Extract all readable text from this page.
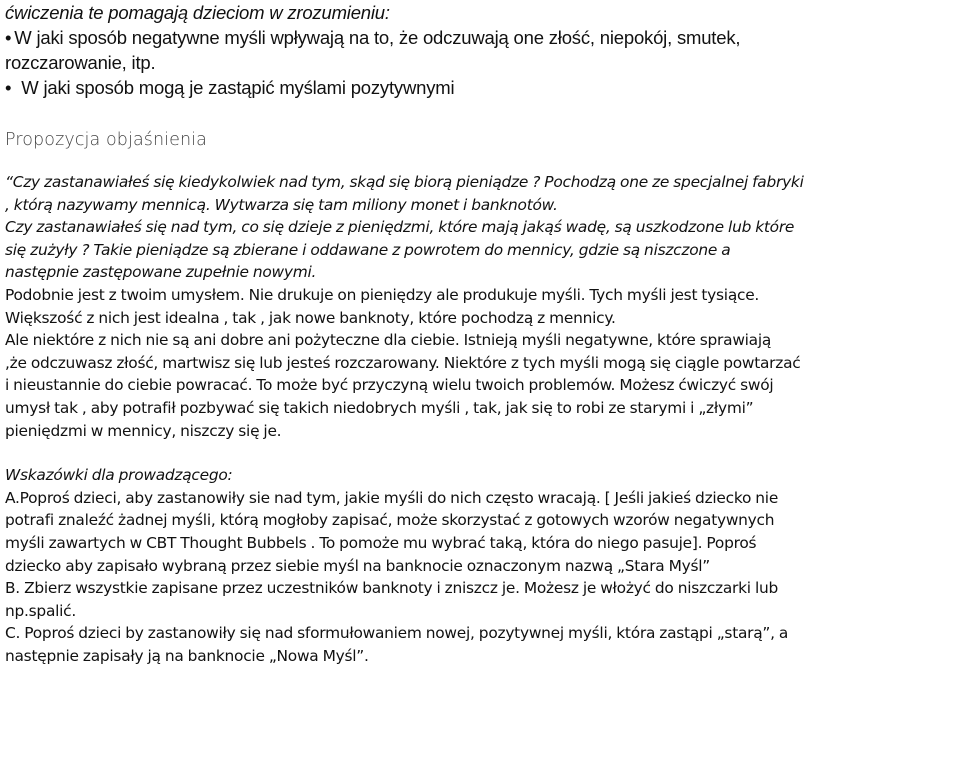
ćwiczenia te pomagają dzieciom w zrozumieniu:

• W jaki sposób negatywne myśli wpływają na to, że odczuwają one złość, niepokój, smutek,

rozczarowanie, itp.

• W jaki sposób mogą je zastąpić myślami pozytywnymi

Propozycja objaśnienia

“Czy zastanawiałeś się kiedykolwiek nad tym, skąd się biorą pieniądze ? Pochodzą one ze specjalnej fabryki

, którą nazywamy mennicą. Wytwarza się tam miliony monet i banknotów.

Czy zastanawiałeś się nad tym, co się dzieje z pieniędzmi, które mają jakąś wadę, są uszkodzone lub które

się zużyły ? Takie pieniądze są zbierane i oddawane z powrotem do mennicy, gdzie są niszczone a

następnie zastępowane zupełnie nowymi.

Podobnie jest z twoim umysłem. Nie drukuje on pieniędzy ale produkuje myśli. Tych myśli jest tysiące.

Większość z nich jest idealna , tak , jak nowe banknoty, które pochodzą z mennicy.

Ale niektóre z nich nie są ani dobre ani pożyteczne dla ciebie. Istnieją myśli negatywne, które sprawiają

,że odczuwasz złość, martwisz się lub jesteś rozczarowany. Niektóre z tych myśli mogą się ciągle powtarzać

i nieustannie do ciebie powracać. To może być przyczyną wielu twoich problemów. Możesz ćwiczyć swój

umysł tak , aby potrafił pozbywać się takich niedobrych myśli , tak, jak się to robi ze starymi i „złymi”

pieniędzmi w mennicy, niszczy się je.

Wskazówki dla prowadzącego:

A.Poproś dzieci, aby zastanowiły sie nad tym, jakie myśli do nich często wracają. [ Jeśli jakieś dziecko nie

potrafi znaleźć żadnej myśli, którą mogłoby zapisać, może skorzystać z gotowych wzorów negatywnych

myśli zawartych w CBT Thought Bubbels . To pomoże mu wybrać taką, która do niego pasuje]. Poproś

dziecko aby zapisało wybraną przez siebie myśl na banknocie oznaczonym nazwą „Stara Myśl”

B. Zbierz wszystkie zapisane przez uczestników banknoty i zniszcz je. Możesz je włożyć do niszczarki lub

np.spalić.

C. Poproś dzieci by zastanowiły się nad sformułowaniem nowej, pozytywnej myśli, która zastąpi „starą”, a

następnie zapisały ją na banknocie „Nowa Myśl”.
